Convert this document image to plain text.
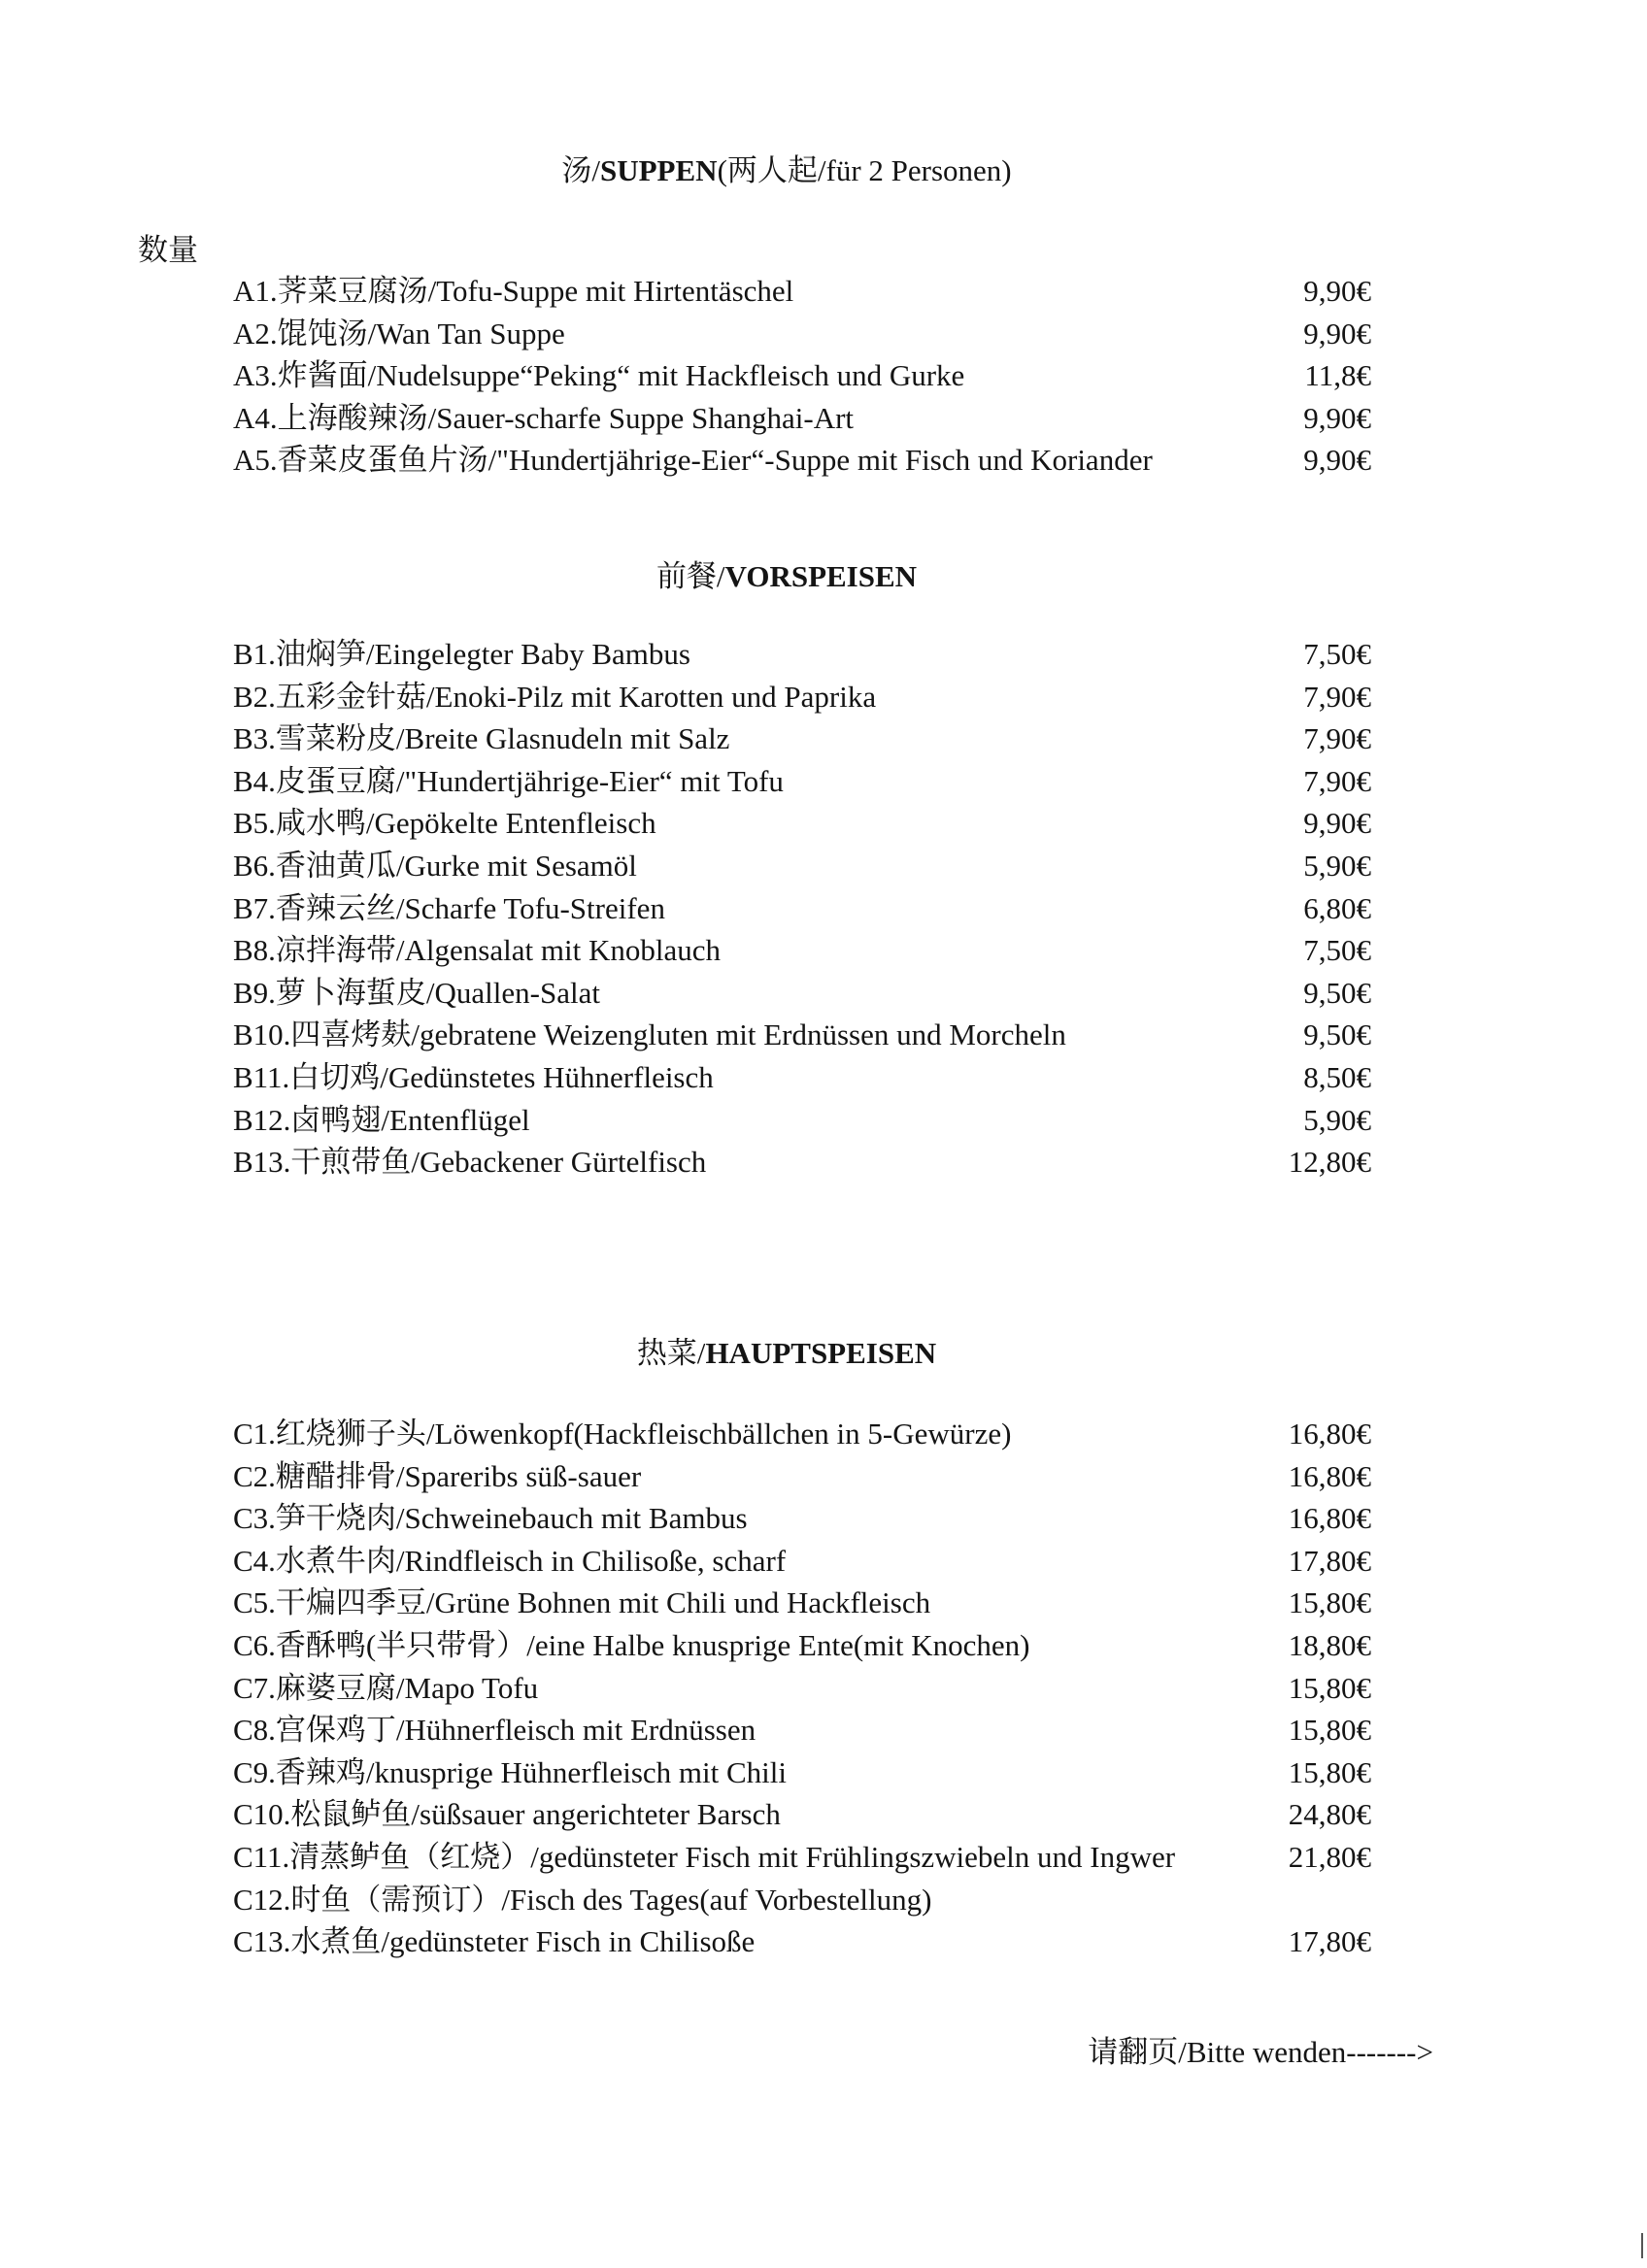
汤/SUPPEN(两人起/für 2 Personen)
数量
A1.荠菜豆腐汤/Tofu-Suppe mit Hirtentäschel	9,90€
A2.馄饨汤/Wan Tan Suppe	9,90€
A3.炸酱面/Nudelsuppe“Peking“ mit Hackfleisch und Gurke	11,8€
A4.上海酸辣汤/Sauer-scharfe Suppe Shanghai-Art	9,90€
A5.香菜皮蛋鱼片汤/"Hundertjährige-Eier“-Suppe mit Fisch und Koriander	9,90€
前餐/VORSPEISEN
B1.油焖笋/Eingelegter Baby Bambus	7,50€
B2.五彩金针菇/Enoki-Pilz mit Karotten und Paprika	7,90€
B3.雪菜粉皮/Breite Glasnudeln mit Salz	7,90€
B4.皮蛋豆腐/"Hundertjährige-Eier“ mit Tofu	7,90€
B5.咸水鸭/Gepökelte Entenfleisch	9,90€
B6.香油黄瓜/Gurke mit Sesamöl	5,90€
B7.香辣云丝/Scharfe Tofu-Streifen	6,80€
B8.凉拌海带/Algensalat mit Knoblauch	7,50€
B9.萝卜海蜇皮/Quallen-Salat	9,50€
B10.四喜烤麸/gebratene Weizengluten mit Erdnüssen und Morcheln	9,50€
B11.白切鸡/Gedünstetes Hühnerfleisch	8,50€
B12.卤鸭翅/Entenflügel	5,90€
B13.干煎带鱼/Gebackener Gürtelfisch	12,80€
热菜/HAUPTSPEISEN
C1.红烧狮子头/Löwenkopf(Hackfleischbällchen in 5-Gewürze)	16,80€
C2.糖醋排骨/Spareribs süß-sauer	16,80€
C3.笋干烧肉/Schweinebauch mit Bambus	16,80€
C4.水煮牛肉/Rindfleisch in Chilisoße, scharf	17,80€
C5.干煸四季豆/Grüne Bohnen mit Chili und Hackfleisch	15,80€
C6.香酥鸭(半只带骨）/eine Halbe knusprige Ente(mit Knochen)	18,80€
C7.麻婆豆腐/Mapo Tofu	15,80€
C8.宫保鸡丁/Hühnerfleisch mit Erdnüssen	15,80€
C9.香辣鸡/knusprige Hühnerfleisch mit Chili	15,80€
C10.松鼠鲈鱼/süßsauer angerichteter Barsch	24,80€
C11.清蒸鲈鱼（红烧）/gedünsteter Fisch mit Frühlingszwiebeln und Ingwer	21,80€
C12.时鱼（需预订）/Fisch des Tages(auf Vorbestellung)
C13.水煮鱼/gedünsteter Fisch in Chilisoße	17,80€
请翻页/Bitte wenden------->
